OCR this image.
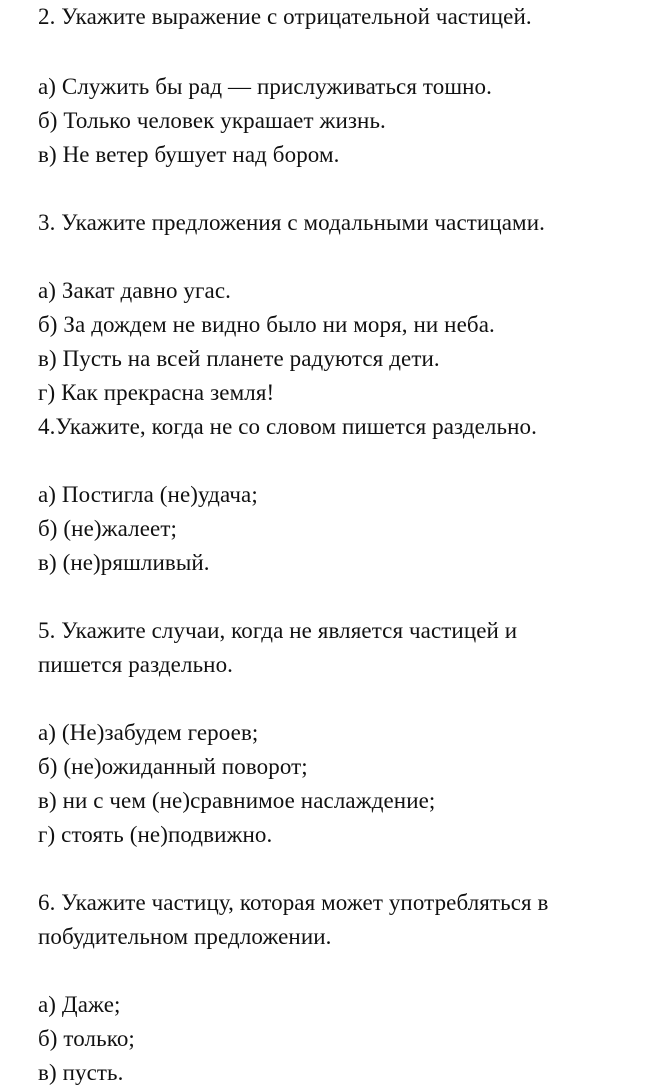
2. Укажите выражение с отрицательной частицей.
а) Служить бы рад — прислуживаться тошно.
б) Только человек украшает жизнь.
в) Не ветер бушует над бором.
3. Укажите предложения с модальными частицами.
а) Закат давно угас.
б) За дождем не видно было ни моря, ни неба.
в) Пусть на всей планете радуются дети.
г) Как прекрасна земля!
4.Укажите, когда не со словом пишется раздельно.
а) Постигла (не)удача;
б) (не)жалеет;
в) (не)ряшливый.
5. Укажите случаи, когда не является частицей и
пишется раздельно.
а) (Не)забудем героев;
б) (не)ожиданный поворот;
в) ни с чем (не)сравнимое наслаждение;
г) стоять (не)подвижно.
6. Укажите частицу, которая может употребляться в
побудительном предложении.
а) Даже;
б) только;
в) пусть.
